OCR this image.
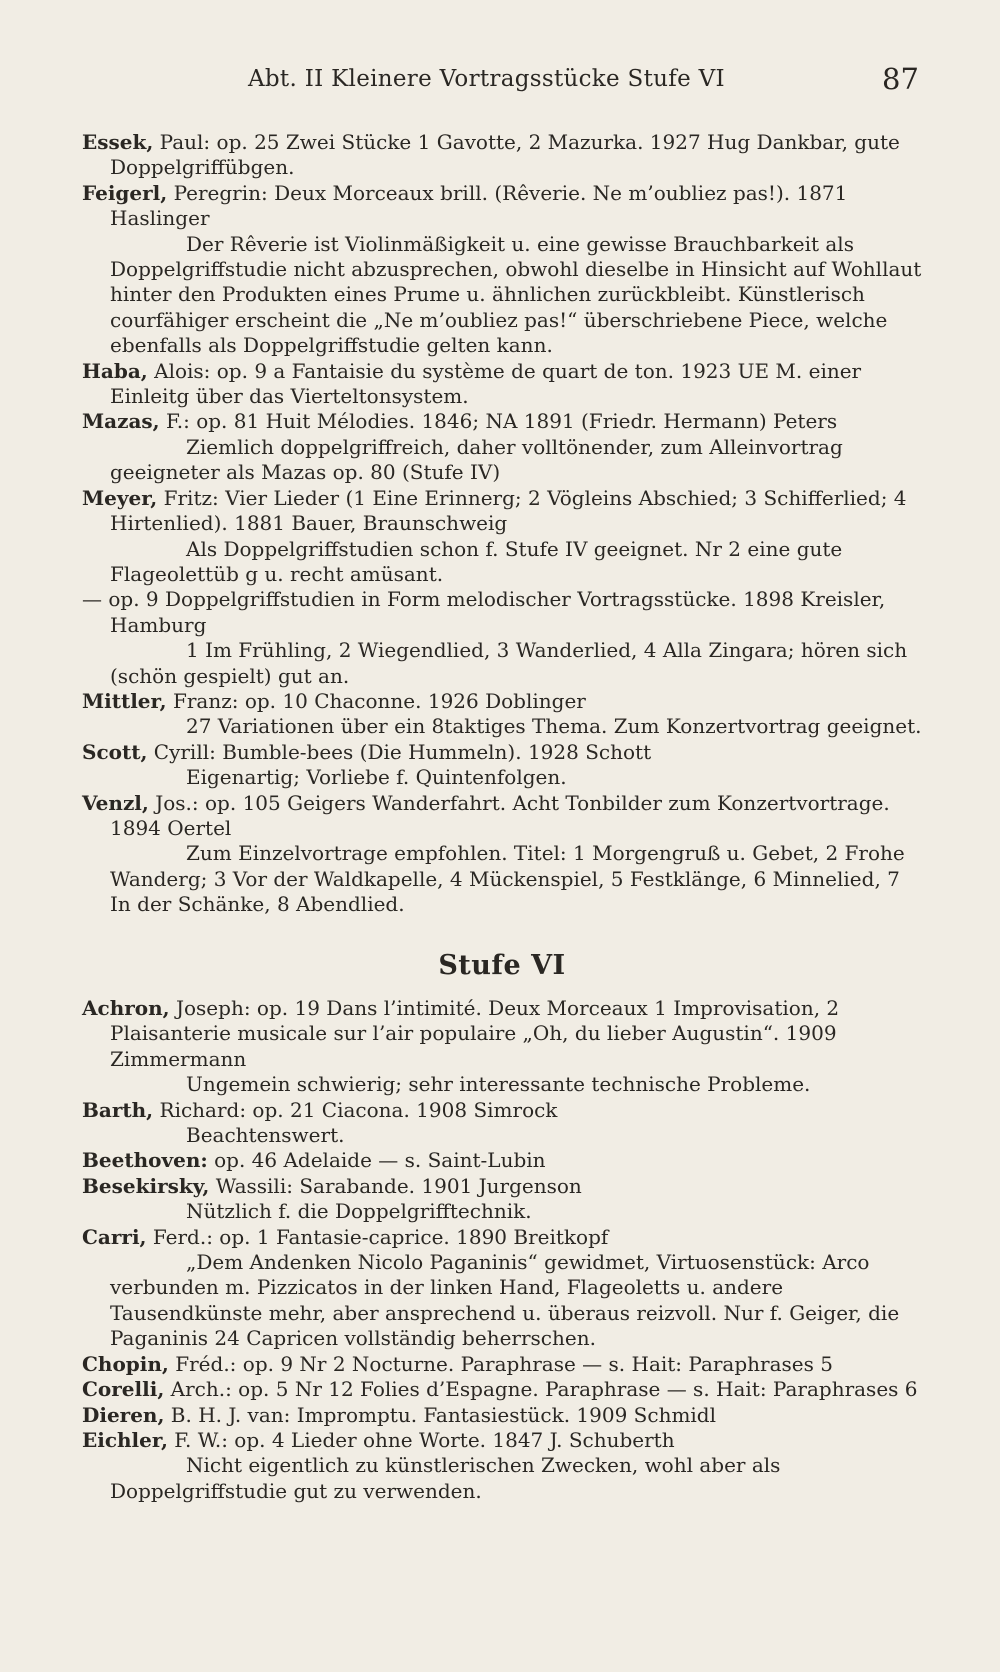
Abt. II Kleinere Vortragsstücke Stufe VI	87
Essek, Paul: op. 25 Zwei Stücke 1 Gavotte, 2 Mazurka. 1927 Hug Dankbar, gute Doppelgriffübgen.
Feigerl, Peregrin: Deux Morceaux brill. (Rêverie. Ne m’oubliez pas!). 1871 Haslinger
Der Rêverie ist Violinmäßigkeit u. eine gewisse Brauchbarkeit als Doppelgriffstudie nicht abzusprechen, obwohl dieselbe in Hinsicht auf Wohllaut hinter den Produkten eines Prume u. ähnlichen zurückbleibt. Künstlerisch courfähiger erscheint die „Ne m’oubliez pas!“ überschriebene Piece, welche ebenfalls als Doppelgriffstudie gelten kann.
Haba, Alois: op. 9 a Fantaisie du système de quart de ton. 1923 UE M. einer Einleitg über das Vierteltonsystem.
Mazas, F.: op. 81 Huit Mélodies. 1846; NA 1891 (Friedr. Hermann) Peters
Ziemlich doppelgriffreich, daher volltönender, zum Alleinvortrag geeigneter als Mazas op. 80 (Stufe IV)
Meyer, Fritz: Vier Lieder (1 Eine Erinnerg; 2 Vögleins Abschied; 3 Schifferlied; 4 Hirtenlied). 1881 Bauer, Braunschweig
Als Doppelgriffstudien schon f. Stufe IV geeignet. Nr 2 eine gute Flageolettüb g u. recht amüsant.
— op. 9 Doppelgriffstudien in Form melodischer Vortragsstücke. 1898 Kreisler, Hamburg
1 Im Frühling, 2 Wiegendlied, 3 Wanderlied, 4 Alla Zingara; hören sich (schön gespielt) gut an.
Mittler, Franz: op. 10 Chaconne. 1926 Doblinger
27 Variationen über ein 8taktiges Thema. Zum Konzertvortrag geeignet.
Scott, Cyrill: Bumble-bees (Die Hummeln). 1928 Schott
Eigenartig; Vorliebe f. Quintenfolgen.
Venzl, Jos.: op. 105 Geigers Wanderfahrt. Acht Tonbilder zum Konzertvortrage. 1894 Oertel
Zum Einzelvortrage empfohlen. Titel: 1 Morgengruß u. Gebet, 2 Frohe Wanderg; 3 Vor der Waldkapelle, 4 Mückenspiel, 5 Festklänge, 6 Minnelied, 7 In der Schänke, 8 Abendlied.
Stufe VI
Achron, Joseph: op. 19 Dans l’intimité. Deux Morceaux 1 Improvisation, 2 Plaisanterie musicale sur l’air populaire „Oh, du lieber Augustin“. 1909 Zimmermann
Ungemein schwierig; sehr interessante technische Probleme.
Barth, Richard: op. 21 Ciacona. 1908 Simrock
Beachtenswert.
Beethoven: op. 46 Adelaide — s. Saint-Lubin
Besekirsky, Wassili: Sarabande. 1901 Jurgenson
Nützlich f. die Doppelgrifftechnik.
Carri, Ferd.: op. 1 Fantasie-caprice. 1890 Breitkopf
„Dem Andenken Nicolo Paganinis“ gewidmet, Virtuosenstück: Arco verbunden m. Pizzicatos in der linken Hand, Flageoletts u. andere Tausendkünste mehr, aber ansprechend u. überaus reizvoll. Nur f. Geiger, die Paganinis 24 Capricen vollständig beherrschen.
Chopin, Fréd.: op. 9 Nr 2 Nocturne. Paraphrase — s. Hait: Paraphrases 5
Corelli, Arch.: op. 5 Nr 12 Folies d’Espagne. Paraphrase — s. Hait: Paraphrases 6
Dieren, B. H. J. van: Impromptu. Fantasiestück. 1909 Schmidl
Eichler, F. W.: op. 4 Lieder ohne Worte. 1847 J. Schuberth
Nicht eigentlich zu künstlerischen Zwecken, wohl aber als Doppelgriffstudie gut zu verwenden.
